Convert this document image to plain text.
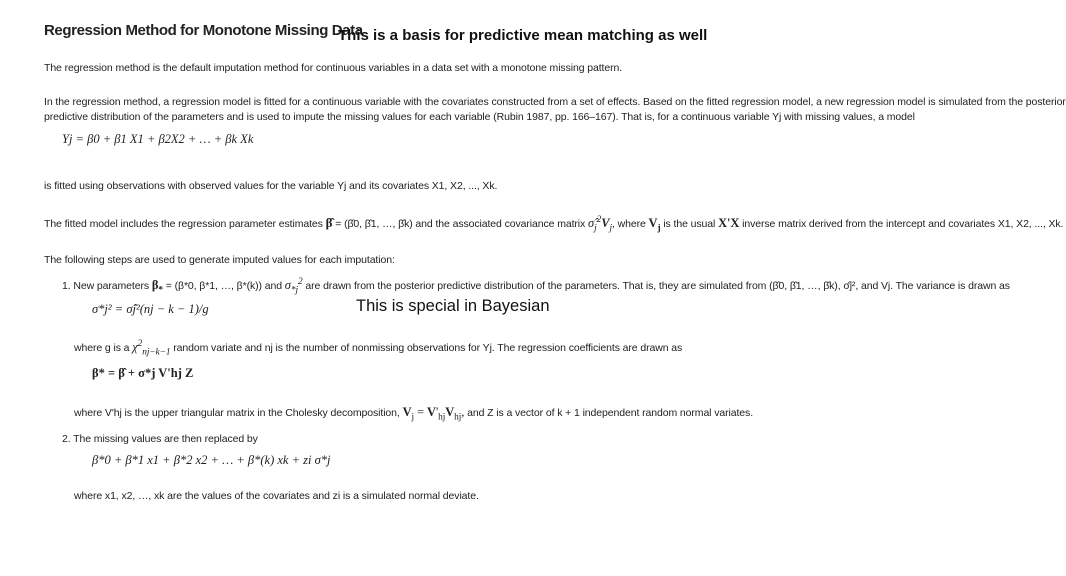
Regression Method for Monotone Missing Data
This is a basis for predictive mean matching as well
The regression method is the default imputation method for continuous variables in a data set with a monotone missing pattern.
In the regression method, a regression model is fitted for a continuous variable with the covariates constructed from a set of effects. Based on the fitted regression model, a new regression model is simulated from the posterior
predictive distribution of the parameters and is used to impute the missing values for each variable (Rubin 1987, pp. 166–167). That is, for a continuous variable Yj with missing values, a model
Yj = β0 + β1 X1 + β2X2 + … + βk Xk
is fitted using observations with observed values for the variable Yj and its covariates X1, X2, ..., Xk.
The fitted model includes the regression parameter estimates β̂ = (β̂0, β̂1, …, β̂k) and the associated covariance matrix $\sigmâ_j^2V_j$, where $V_j$ is the usual X'X inverse matrix derived from the intercept and covariates X1, X2, ..., Xk.
The following steps are used to generate imputed values for each imputation:
1. New parameters $\beta_* = (\beta*0$, β*1, …, β*(k)) and $\sigma_{*j}^2$ are drawn from the posterior predictive distribution of the parameters. That is, they are simulated from (β̂0, β̂1, …, β̂k), σ̂j², and Vj. The variance is drawn as
σ*j² = σ̂j²(nj − k − 1)/g	This is special in Bayesian
where g is a $\chi^2_{nj-k-1}$ random variate and nj is the number of nonmissing observations for Yj. The regression coefficients are drawn as
β* = β̂ + σ*j V'hj Z
where V'hj is the upper triangular matrix in the Cholesky decomposition, $V_j = V'_{hj}V_{hj}$, and Z is a vector of k + 1 independent random normal variates.
2. The missing values are then replaced by
β*0 + β*1 x1 + β*2 x2 + … + β*(k) xk + zi σ*j
where x1, x2, …, xk are the values of the covariates and zi is a simulated normal deviate.
